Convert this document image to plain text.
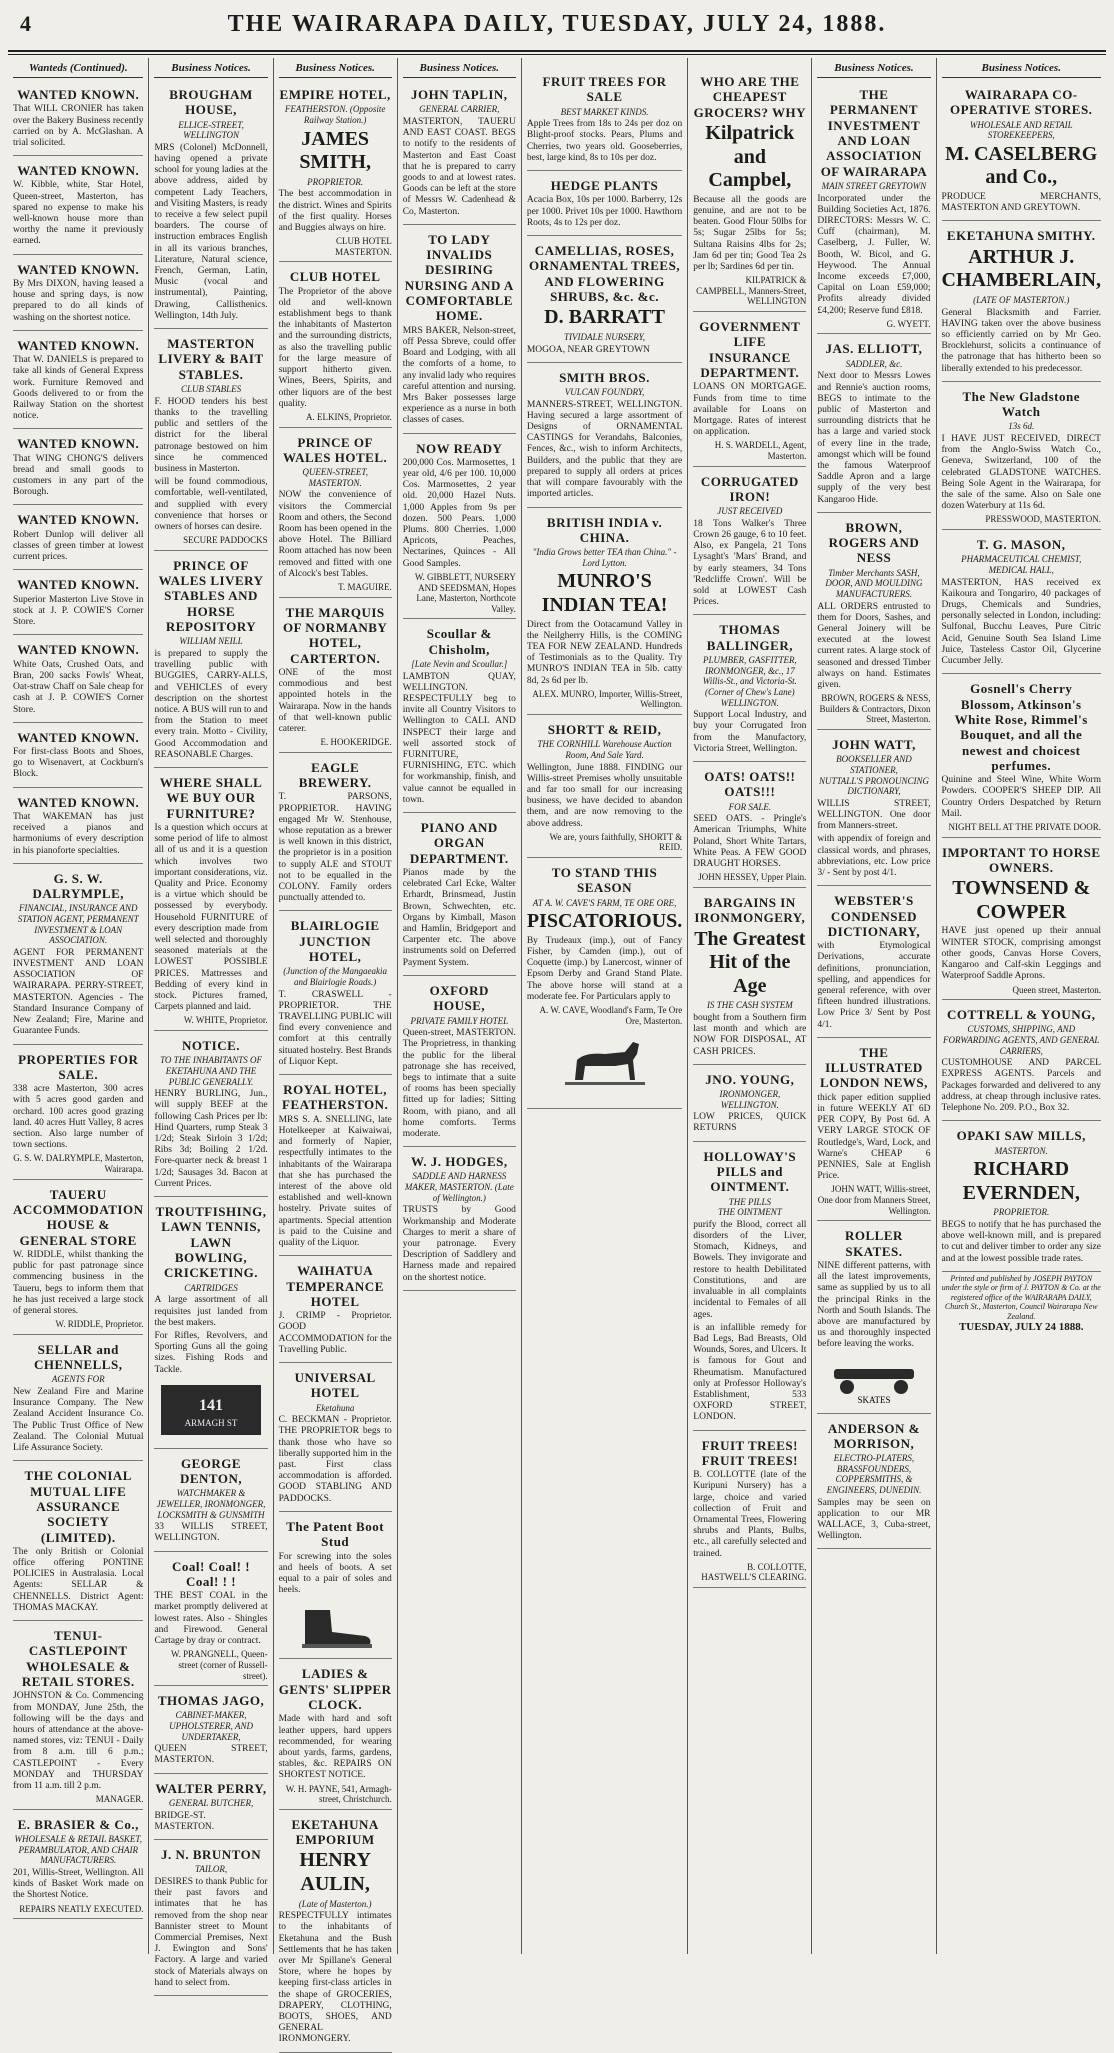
4	THE WAIRARAPA DAILY, TUESDAY, JULY 24, 1888.
Wanteds (Continued).
WANTED KNOWN.

That WILL CRONIER has taken over the Bakery Business recently carried on by A. McGlashan. A trial solicited.

WANTED KNOWN.

W. Kibble, white, Star Hotel, Queen-street, Masterton, has spared no expense to make his well-known house more than worthy the name it previously earned.

WANTED KNOWN.

By Mrs DIXON, having leased a house and spring days, is now prepared to do all kinds of washing on the shortest notice.

WANTED KNOWN.

That W. DANIELS is prepared to take all kinds of General Express work. Furniture Removed and Goods delivered to or from the Railway Station on the shortest notice.

WANTED KNOWN.

That WING CHONG'S delivers bread and small goods to customers in any part of the Borough.

WANTED KNOWN.

Robert Dunlop will deliver all classes of green timber at lowest current prices.

WANTED KNOWN.

Superior Masterton Live Stove in stock at J. P. COWIE'S Corner Store.

WANTED KNOWN.

White Oats, Crushed Oats, and Bran, 200 sacks Fowls' Wheat, Oat-straw Chaff on Sale cheap for cash at J. P. COWIE'S Corner Store.

WANTED KNOWN.

For first-class Boots and Shoes, go to Wisenavert, at Cockburn's Block.

WANTED KNOWN.

That WAKEMAN has just received a pianos and harmoniums of every description in his pianoforte specialties.

G. S. W. DALRYMPLE,
FINANCIAL, INSURANCE AND STATION AGENT, PERMANENT INVESTMENT & LOAN ASSOCIATION.

AGENT FOR PERMANENT INVESTMENT AND LOAN ASSOCIATION OF WAIRARAPA. PERRY-STREET, MASTERTON. Agencies - The Standard Insurance Company of New Zealand; Fire, Marine and Guarantee Funds.

PROPERTIES FOR SALE.

338 acre Masterton, 300 acres with 5 acres good garden and orchard. 100 acres good grazing land. 40 acres Hutt Valley, 8 acres section. Also large number of town sections.

G. S. W. DALRYMPLE, Masterton, Wairarapa.
TAUERU ACCOMMODATION HOUSE & GENERAL STORE

W. RIDDLE, whilst thanking the public for past patronage since commencing business in the Taueru, begs to inform them that he has just received a large stock of general stores.

W. RIDDLE, Proprietor.
SELLAR and CHENNELLS,
AGENTS FOR

New Zealand Fire and Marine Insurance Company. The New Zealand Accident Insurance Co. The Public Trust Office of New Zealand. The Colonial Mutual Life Assurance Society.

THE COLONIAL MUTUAL LIFE ASSURANCE SOCIETY (LIMITED).

The only British or Colonial office offering PONTINE POLICIES in Australasia. Local Agents: SELLAR & CHENNELLS. District Agent: THOMAS MACKAY.

TENUI-CASTLEPOINT WHOLESALE & RETAIL STORES.

JOHNSTON & Co. Commencing from MONDAY, June 25th, the following will be the days and hours of attendance at the above-named stores, viz: TENUI - Daily from 8 a.m. till 6 p.m.; CASTLEPOINT - Every MONDAY and THURSDAY from 11 a.m. till 2 p.m.

MANAGER.
E. BRASIER & Co.,
WHOLESALE & RETAIL BASKET, PERAMBULATOR, AND CHAIR MANUFACTURERS.

201, Willis-Street, Wellington. All kinds of Basket Work made on the Shortest Notice.

REPAIRS NEATLY EXECUTED.
Business Notices.
BROUGHAM HOUSE,
ELLICE-STREET, WELLINGTON

MRS (Colonel) McDonnell, having opened a private school for young ladies at the above address, aided by competent Lady Teachers, and Visiting Masters, is ready to receive a few select pupil boarders. The course of instruction embraces English in all its various branches, Literature, Natural science, French, German, Latin, Music (vocal and instrumental), Painting, Drawing, Callisthenics. Wellington, 14th July.

MASTERTON LIVERY & BAIT STABLES.
CLUB STABLES

F. HOOD tenders his best thanks to the travelling public and settlers of the district for the liberal patronage bestowed on him since he commenced business in Masterton.

will be found commodious, comfortable, well-ventilated, and supplied with every convenience that horses or owners of horses can desire.

SECURE PADDOCKS
PRINCE OF WALES LIVERY STABLES AND HORSE REPOSITORY
WILLIAM NEILL

is prepared to supply the travelling public with BUGGIES, CARRY-ALLS, and VEHICLES of every description on the shortest notice. A BUS will run to and from the Station to meet every train. Motto - Civility, Good Accommodation and REASONABLE Charges.

WHERE SHALL WE BUY OUR FURNITURE?

Is a question which occurs at some period of life to almost all of us and it is a question which involves two important considerations, viz. Quality and Price. Economy is a virtue which should be possessed by everybody. Household FURNITURE of every description made from well selected and thoroughly seasoned materials at the LOWEST POSSIBLE PRICES. Mattresses and Bedding of every kind in stock. Pictures framed, Carpets planned and laid.

W. WHITE, Proprietor.
NOTICE.
TO THE INHABITANTS OF EKETAHUNA AND THE PUBLIC GENERALLY.

HENRY BURLING, Jun., will supply BEEF at the following Cash Prices per lb: Hind Quarters, rump Steak 3 1/2d; Steak Sirloin 3 1/2d; Ribs 3d; Boiling 2 1/2d. Fore-quarter neck & breast 1 1/2d; Sausages 3d. Bacon at Current Prices.

TROUTFISHING, LAWN TENNIS, LAWN BOWLING, CRICKETING.
CARTRIDGES

A large assortment of all requisites just landed from the best makers.

For Rifles, Revolvers, and Sporting Guns all the going sizes. Fishing Rods and Tackle.

141
ARMAGH ST
GEORGE DENTON,
WATCHMAKER & JEWELLER, IRONMONGER, LOCKSMITH & GUNSMITH

33 WILLIS STREET, WELLINGTON.

Coal! Coal! ! Coal! ! !

THE BEST COAL in the market promptly delivered at lowest rates. Also - Shingles and Firewood. General Cartage by dray or contract.

W. PRANGNELL, Queen-street (corner of Russell-street).
THOMAS JAGO,
CABINET-MAKER, UPHOLSTERER, AND UNDERTAKER,

QUEEN STREET, MASTERTON.

WALTER PERRY,
GENERAL BUTCHER,

BRIDGE-ST. MASTERTON.

J. N. BRUNTON
TAILOR,

DESIRES to thank Public for their past favors and intimates that he has removed from the shop near Bannister street to Mount Commercial Premises, Next J. Ewington and Sons' Factory. A large and varied stock of Materials always on hand to select from.

Business Notices.
EMPIRE HOTEL,
FEATHERSTON. (Opposite Railway Station.)
JAMES SMITH,
PROPRIETOR.

The best accommodation in the district. Wines and Spirits of the first quality. Horses and Buggies always on hire.

CLUB HOTEL MASTERTON.
CLUB HOTEL

The Proprietor of the above old and well-known establishment begs to thank the inhabitants of Masterton and the surrounding districts, as also the travelling public for the large measure of support hitherto given. Wines, Beers, Spirits, and other liquors are of the best quality.

A. ELKINS, Proprietor.
PRINCE OF WALES HOTEL.
QUEEN-STREET, MASTERTON.

NOW the convenience of visitors the Commercial Room and others, the Second Room has been opened in the above Hotel. The Billiard Room attached has now been removed and fitted with one of Alcock's best Tables.

T. MAGUIRE.
THE MARQUIS OF NORMANBY HOTEL, CARTERTON.

ONE of the most commodious and best appointed hotels in the Wairarapa. Now in the hands of that well-known public caterer.

E. HOOKERIDGE.
EAGLE BREWERY.

T. PARSONS, PROPRIETOR. HAVING engaged Mr W. Stenhouse, whose reputation as a brewer is well known in this district, the proprietor is in a position to supply ALE and STOUT not to be equalled in the COLONY. Family orders punctually attended to.

BLAIRLOGIE JUNCTION HOTEL,
(Junction of the Mangaeakia and Blairlogie Roads.)

T. CRASWELL - PROPRIETOR. THE TRAVELLING PUBLIC will find every convenience and comfort at this centrally situated hostelry. Best Brands of Liquor Kept.

ROYAL HOTEL, FEATHERSTON.

MRS S. A. SNELLING, late Hotelkeeper at Kaiwaiwai, and formerly of Napier, respectfully intimates to the inhabitants of the Wairarapa that she has purchased the interest of the above old established and well-known hostelry. Private suites of apartments. Special attention is paid to the Cuisine and quality of the Liquor.

WAIHATUA TEMPERANCE HOTEL

J. CRIMP - Proprietor. GOOD ACCOMMODATION for the Travelling Public.

UNIVERSAL HOTEL
Eketahuna

C. BECKMAN - Proprietor. THE PROPRIETOR begs to thank those who have so liberally supported him in the past. First class accommodation is afforded. GOOD STABLING AND PADDOCKS.

The Patent Boot Stud

For screwing into the soles and heels of boots. A set equal to a pair of soles and heels.

LADIES & GENTS' SLIPPER CLOCK.

Made with hard and soft leather uppers, hard uppers recommended, for wearing about yards, farms, gardens, stables, &c. REPAIRS ON SHORTEST NOTICE.

W. H. PAYNE, 541, Armagh-street, Christchurch.
EKETAHUNA EMPORIUM
HENRY AULIN,
(Late of Masterton.)

RESPECTFULLY intimates to the inhabitants of Eketahuna and the Bush Settlements that he has taken over Mr Spillane's General Store, where he hopes by keeping first-class articles in the shape of GROCERIES, DRAPERY, CLOTHING, BOOTS, SHOES, AND GENERAL IRONMONGERY.

Business Notices.
JOHN TAPLIN,
GENERAL CARRIER,

MASTERTON, TAUERU AND EAST COAST. BEGS to notify to the residents of Masterton and East Coast that he is prepared to carry goods to and at lowest rates. Goods can be left at the store of Messrs W. Cadenhead & Co, Masterton.

TO LADY INVALIDS DESIRING NURSING AND A COMFORTABLE HOME.

MRS BAKER, Nelson-street, off Pessa Sbreve, could offer Board and Lodging, with all the comforts of a home, to any invalid lady who requires careful attention and nursing. Mrs Baker possesses large experience as a nurse in both classes of cases.

NOW READY

200,000 Cos. Marmosettes, 1 year old, 4/6 per 100. 10,000 Cos. Marmosettes, 2 year old. 20,000 Hazel Nuts. 1,000 Apples from 9s per dozen. 500 Pears. 1,000 Plums. 800 Cherries. 1,000 Apricots, Peaches, Nectarines, Quinces - All Good Samples.

W. GIBBLETT, NURSERY AND SEEDSMAN, Hopes Lane, Masterton, Northcote Valley.
Scoullar & Chisholm,
[Late Nevin and Scoullar.]

LAMBTON QUAY, WELLINGTON. RESPECTFULLY beg to invite all Country Visitors to Wellington to CALL AND INSPECT their large and well assorted stock of FURNITURE, FURNISHING, ETC. which for workmanship, finish, and value cannot be equalled in town.

PIANO AND ORGAN DEPARTMENT.

Pianos made by the celebrated Carl Ecke, Walter Erhardt, Brinsmead, Justin Brown, Schwechten, etc. Organs by Kimball, Mason and Hamlin, Bridgeport and Carpenter etc. The above instruments sold on Deferred Payment System.

OXFORD HOUSE,
PRIVATE FAMILY HOTEL

Queen-street, MASTERTON. The Proprietress, in thanking the public for the liberal patronage she has received, begs to intimate that a suite of rooms has been specially fitted up for ladies; Sitting Room, with piano, and all home comforts. Terms moderate.

W. J. HODGES,
SADDLE AND HARNESS MAKER, MASTERTON. (Late of Wellington.)

TRUSTS by Good Workmanship and Moderate Charges to merit a share of your patronage. Every Description of Saddlery and Harness made and repaired on the shortest notice.

FRUIT TREES FOR SALE
BEST MARKET KINDS.

Apple Trees from 18s to 24s per doz on Blight-proof stocks. Pears, Plums and Cherries, two years old. Gooseberries, best, large kind, 8s to 10s per doz.

HEDGE PLANTS

Acacia Box, 10s per 1000. Barberry, 12s per 1000. Privet 10s per 1000. Hawthorn Roots, 4s to 12s per doz.

CAMELLIAS, ROSES, ORNAMENTAL TREES, AND FLOWERING SHRUBS, &c. &c.
D. BARRATT
TIVIDALE NURSERY,

MOGOA, NEAR GREYTOWN

SMITH BROS.
VULCAN FOUNDRY,

MANNERS-STREET, WELLINGTON. Having secured a large assortment of Designs of ORNAMENTAL CASTINGS for Verandahs, Balconies, Fences, &c., wish to inform Architects, Builders, and the public that they are prepared to supply all orders at prices that will compare favourably with the imported articles.

BRITISH INDIA v. CHINA.
"India Grows better TEA than China." - Lord Lytton.
MUNRO'S INDIAN TEA!

Direct from the Ootacamund Valley in the Neilgherry Hills, is the COMING TEA FOR NEW ZEALAND. Hundreds of Testimonials as to the Quality. Try MUNRO'S INDIAN TEA in 5lb. catty 8d, 2s 6d per lb.

ALEX. MUNRO, Importer, Willis-Street, Wellington.
SHORTT & REID,
THE CORNHILL Warehouse Auction Room, And Sale Yard.

Wellington, June 1888. FINDING our Willis-street Premises wholly unsuitable and far too small for our increasing business, we have decided to abandon them, and are now removing to the above address.

We are, yours faithfully, SHORTT & REID.
TO STAND THIS SEASON
AT A. W. CAVE'S FARM, TE ORE ORE,
PISCATORIOUS.

By Trudeaux (imp.), out of Fancy Fisher, by Camden (imp.), out of Coquette (imp.) by Lanercost, winner of Epsom Derby and Grand Stand Plate. The above horse will stand at a moderate fee. For Particulars apply to

A. W. CAVE, Woodland's Farm, Te Ore Ore, Masterton.
WHO ARE THE CHEAPEST GROCERS? WHY
Kilpatrick and Campbel,

Because all the goods are genuine, and are not to be beaten. Good Flour 50lbs for 5s; Sugar 25lbs for 5s; Sultana Raisins 4lbs for 2s; Jam 6d per tin; Good Tea 2s per lb; Sardines 6d per tin.

KILPATRICK & CAMPBELL, Manners-Street, WELLINGTON
GOVERNMENT LIFE INSURANCE DEPARTMENT.

LOANS ON MORTGAGE. Funds from time to time available for Loans on Mortgage. Rates of interest on application.

H. S. WARDELL, Agent, Masterton.
CORRUGATED IRON!
JUST RECEIVED

18 Tons Walker's Three Crown 26 gauge, 6 to 10 feet. Also, ex Pangela, 21 Tons Lysaght's 'Mars' Brand, and by early steamers, 34 Tons 'Redcliffe Crown'. Will be sold at LOWEST Cash Prices.

THOMAS BALLINGER,
PLUMBER, GASFITTER, IRONMONGER, &c., 17 Willis-St., and Victoria-St. (Corner of Chew's Lane) WELLINGTON.

Support Local Industry, and buy your Corrugated Iron from the Manufactory, Victoria Street, Wellington.

OATS! OATS!! OATS!!!
FOR SALE.

SEED OATS. - Pringle's American Triumphs, White Poland, Short White Tartars, White Peas. A FEW GOOD DRAUGHT HORSES.

JOHN HESSEY, Upper Plain.
BARGAINS IN IRONMONGERY,
The Greatest Hit of the Age
IS THE CASH SYSTEM

bought from a Southern firm last month and which are NOW FOR DISPOSAL, AT CASH PRICES.

JNO. YOUNG,
IRONMONGER, WELLINGTON.

LOW PRICES, QUICK RETURNS

HOLLOWAY'S PILLS and OINTMENT.
THE PILLS
THE OINTMENT

purify the Blood, correct all disorders of the Liver, Stomach, Kidneys, and Bowels. They invigorate and restore to health Debilitated Constitutions, and are invaluable in all complaints incidental to Females of all ages.

is an infallible remedy for Bad Legs, Bad Breasts, Old Wounds, Sores, and Ulcers. It is famous for Gout and Rheumatism. Manufactured only at Professor Holloway's Establishment, 533 OXFORD STREET, LONDON.

FRUIT TREES! FRUIT TREES!

B. COLLOTTE (late of the Kuripuni Nursery) has a large, choice and varied collection of Fruit and Ornamental Trees, Flowering shrubs and Plants, Bulbs, etc., all carefully selected and trained.

B. COLLOTTE, HASTWELL'S CLEARING.
Business Notices.
THE PERMANENT INVESTMENT AND LOAN ASSOCIATION OF WAIRARAPA
MAIN STREET GREYTOWN

Incorporated under the Building Societies Act, 1876. DIRECTORS: Messrs W. C. Cuff (chairman), M. Caselberg, J. Fuller, W. Booth, W. Bicol, and G. Heywood. The Annual Income exceeds £7,000, Capital on Loan £59,000; Profits already divided £4,200; Reserve fund £818.

G. WYETT.
JAS. ELLIOTT,
SADDLER, &c.

Next door to Messrs Lowes and Rennie's auction rooms, BEGS to intimate to the public of Masterton and surrounding districts that he has a large and varied stock of every line in the trade, amongst which will be found the famous Waterproof Saddle Apron and a large supply of the very best Kangaroo Hide.

BROWN, ROGERS AND NESS
Timber Merchants SASH, DOOR, AND MOULDING MANUFACTURERS.

ALL ORDERS entrusted to them for Doors, Sashes, and General Joinery will be executed at the lowest current rates. A large stock of seasoned and dressed Timber always on hand. Estimates given.

BROWN, ROGERS & NESS, Builders & Contractors, Dixon Street, Masterton.
JOHN WATT,
BOOKSELLER AND STATIONER,
NUTTALL'S PRONOUNCING DICTIONARY,

WILLIS STREET, WELLINGTON. One door from Manners-street.

with appendix of foreign and classical words, and phrases, abbreviations, etc. Low price 3/ - Sent by post 4/1.

WEBSTER'S CONDENSED DICTIONARY,

with Etymological Derivations, accurate definitions, pronunciation, spelling, and appendices for general reference, with over fifteen hundred illustrations. Low Price 3/ Sent by Post 4/1.

THE ILLUSTRATED LONDON NEWS,

thick paper edition supplied in future WEEKLY AT 6D PER COPY, By Post 6d. A VERY LARGE STOCK OF Routledge's, Ward, Lock, and Warne's CHEAP 6 PENNIES, Sale at English Price.

JOHN WATT, Willis-street, One door from Manners Street, Wellington.
ROLLER SKATES.

NINE different patterns, with all the latest improvements, same as supplied by us to all the principal Rinks in the North and South Islands. The above are manufactured by us and thoroughly inspected before leaving the works.

SKATES
ANDERSON & MORRISON,
ELECTRO-PLATERS, BRASSFOUNDERS, COPPERSMITHS, & ENGINEERS, DUNEDIN.

Samples may be seen on application to our MR WALLACE, 3, Cuba-street, Wellington.

Business Notices.
WAIRARAPA CO-OPERATIVE STORES.
WHOLESALE AND RETAIL STOREKEEPERS,
M. CASELBERG and Co.,

PRODUCE MERCHANTS, MASTERTON AND GREYTOWN.

EKETAHUNA SMITHY.
ARTHUR J. CHAMBERLAIN,
(LATE OF MASTERTON.)

General Blacksmith and Farrier. HAVING taken over the above business so efficiently carried on by Mr Geo. Brocklehurst, solicits a continuance of the patronage that has hitherto been so liberally extended to his predecessor.

The New Gladstone Watch
13s 6d.

I HAVE JUST RECEIVED, DIRECT from the Anglo-Swiss Watch Co., Geneva, Switzerland, 100 of the celebrated GLADSTONE WATCHES. Being Sole Agent in the Wairarapa, for the sale of the same. Also on Sale one dozen Waterbury at 11s 6d.

PRESSWOOD, MASTERTON.
T. G. MASON,
PHARMACEUTICAL CHEMIST, MEDICAL HALL,

MASTERTON, HAS received ex Kaikoura and Tongariro, 40 packages of Drugs, Chemicals and Sundries, personally selected in London, including: Sulfonal, Bucchu Leaves, Pure Citric Acid, Genuine South Sea Island Lime Juice, Tasteless Castor Oil, Glycerine Cucumber Jelly.

Gosnell's Cherry Blossom, Atkinson's White Rose, Rimmel's Bouquet, and all the newest and choicest perfumes.

Quinine and Steel Wine, White Worm Powders. COOPER'S SHEEP DIP. All Country Orders Despatched by Return Mail.

NIGHT BELL AT THE PRIVATE DOOR.
IMPORTANT TO HORSE OWNERS.
TOWNSEND & COWPER

HAVE just opened up their annual WINTER STOCK, comprising amongst other goods, Canvas Horse Covers, Kangaroo and Calf-skin Leggings and Waterproof Saddle Aprons.

Queen street, Masterton.
COTTRELL & YOUNG,
CUSTOMS, SHIPPING, AND FORWARDING AGENTS, AND GENERAL CARRIERS,

CUSTOMHOUSE AND PARCEL EXPRESS AGENTS. Parcels and Packages forwarded and delivered to any address, at cheap through inclusive rates. Telephone No. 209. P.O., Box 32.

OPAKI SAW MILLS,
MASTERTON.
RICHARD EVERNDEN,
PROPRIETOR.

BEGS to notify that he has purchased the above well-known mill, and is prepared to cut and deliver timber to order any size and at the lowest possible trade rates.

Printed and published by JOSEPH PAYTON under the style or firm of J. PAYTON & Co. at the registered office of the WAIRARAPA DAILY, Church St., Masterton, Council Wairarapa New Zealand.
TUESDAY, JULY 24 1888.
